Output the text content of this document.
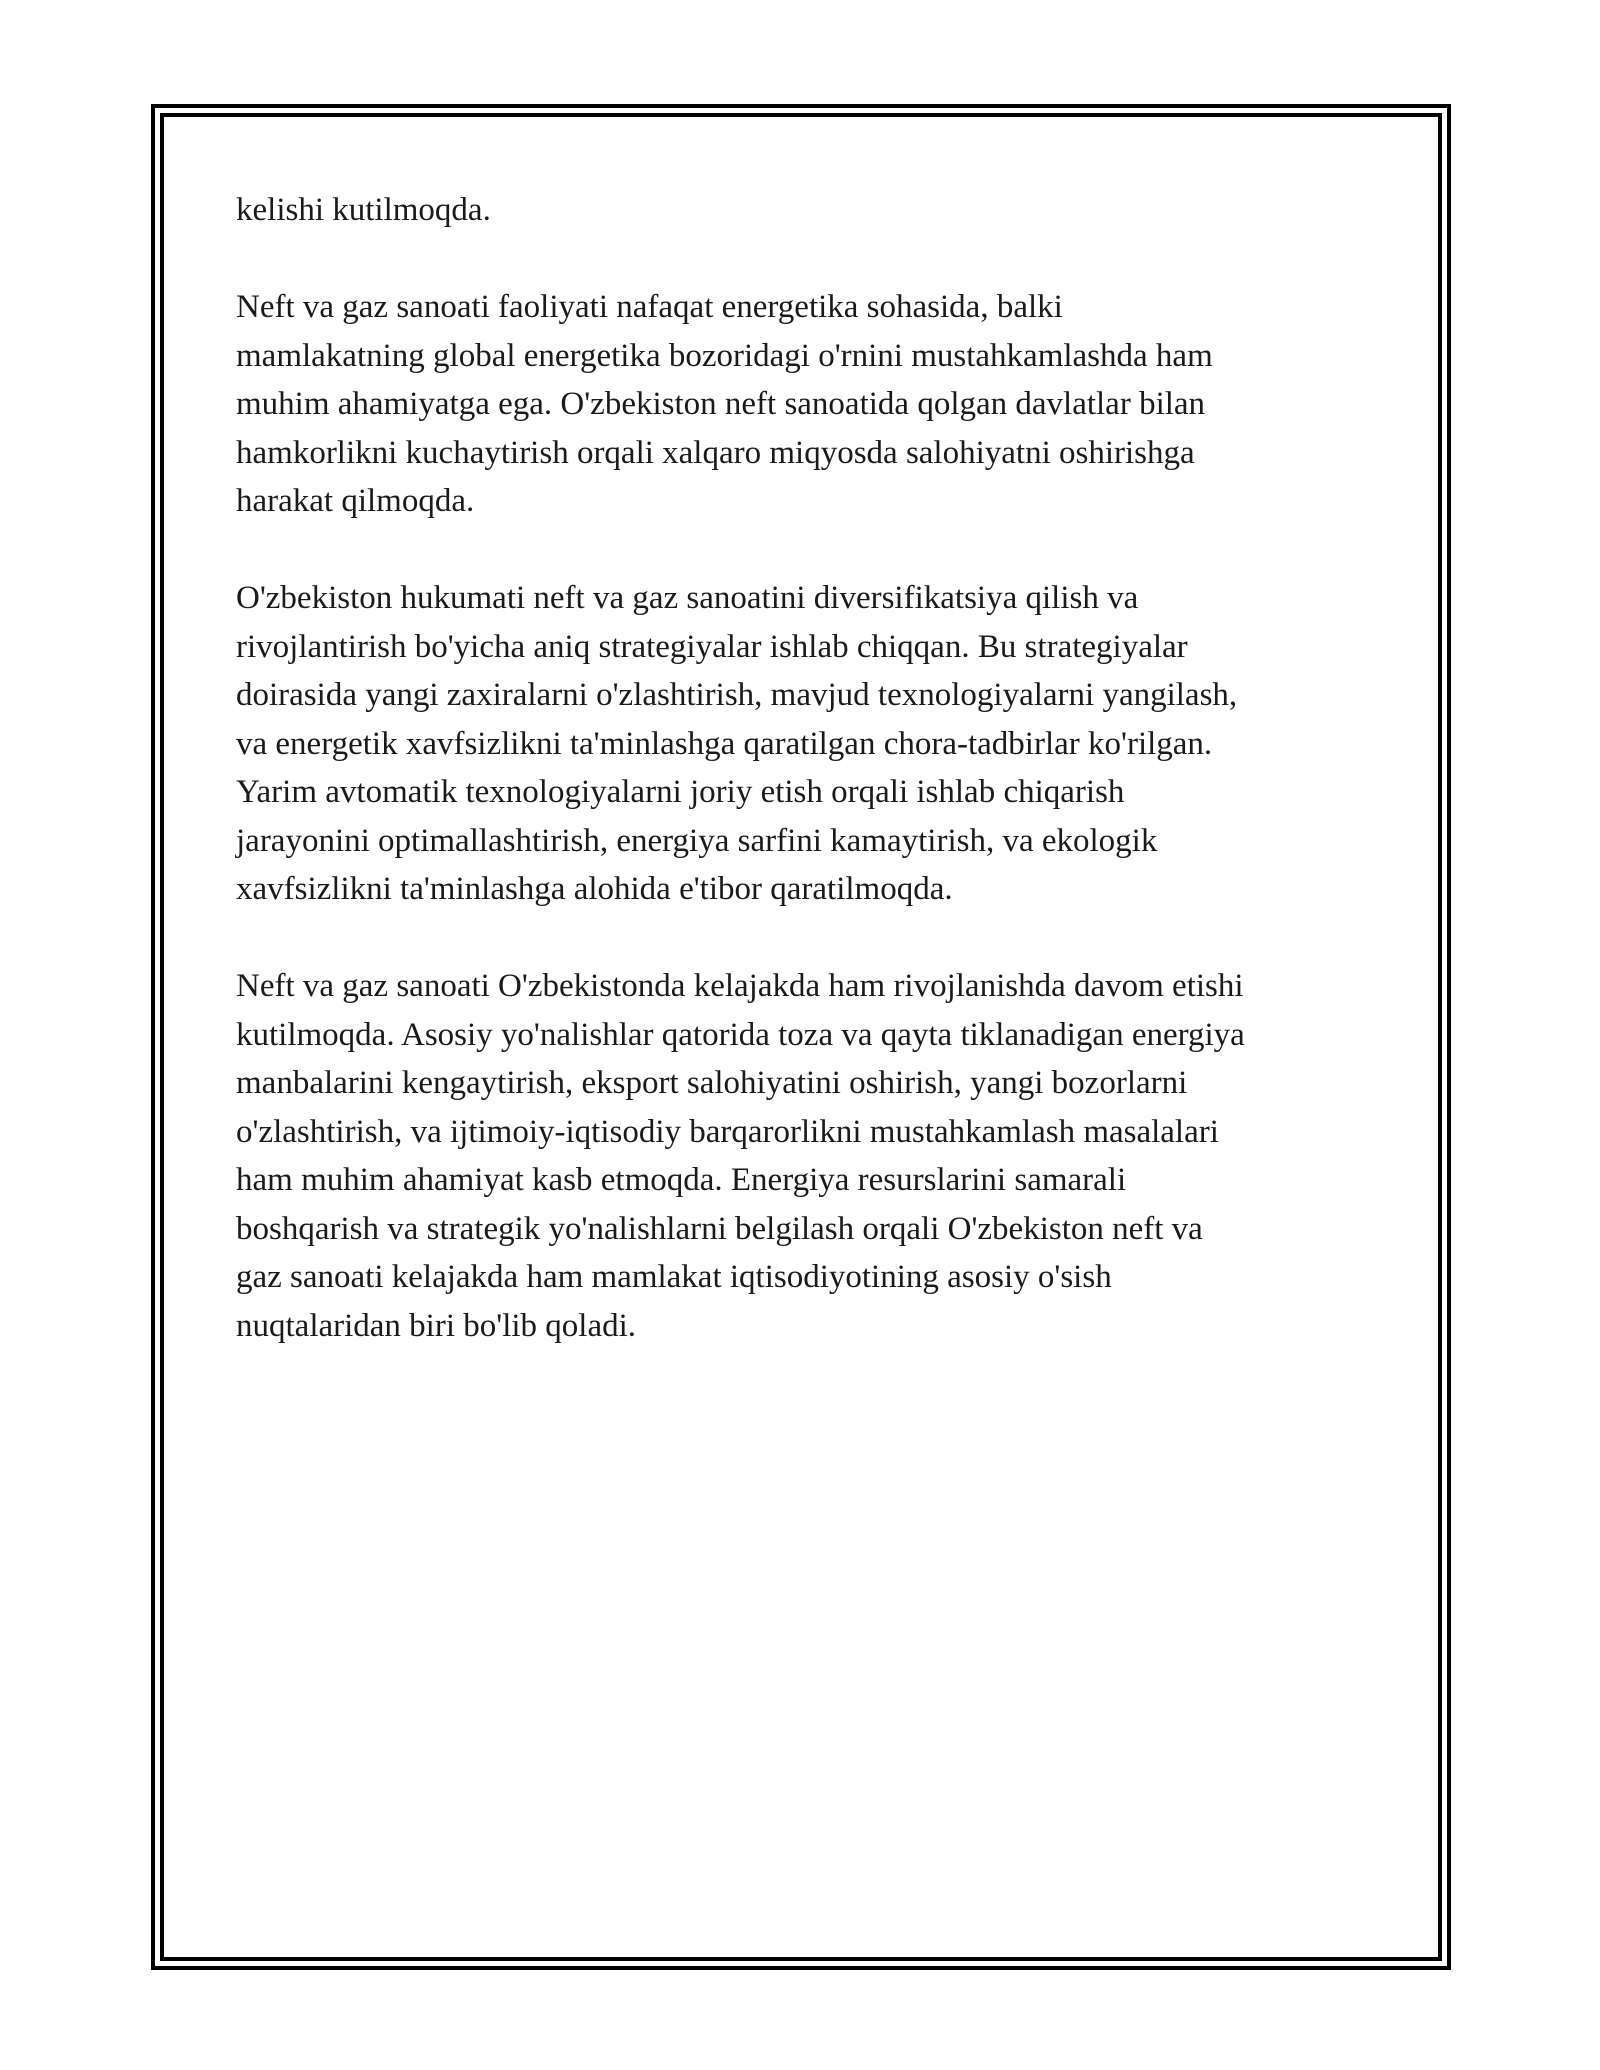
kelishi kutilmoqda.

Neft va gaz sanoati faoliyati nafaqat energetika sohasida, balki
mamlakatning global energetika bozoridagi o'rnini mustahkamlashda ham
muhim ahamiyatga ega. O'zbekiston neft sanoatida qolgan davlatlar bilan
hamkorlikni kuchaytirish orqali xalqaro miqyosda salohiyatni oshirishga
harakat qilmoqda.

O'zbekiston hukumati neft va gaz sanoatini diversifikatsiya qilish va
rivojlantirish bo'yicha aniq strategiyalar ishlab chiqqan. Bu strategiyalar
doirasida yangi zaxiralarni o'zlashtirish, mavjud texnologiyalarni yangilash,
va energetik xavfsizlikni ta'minlashga qaratilgan chora-tadbirlar ko'rilgan.
Yarim avtomatik texnologiyalarni joriy etish orqali ishlab chiqarish
jarayonini optimallashtirish, energiya sarfini kamaytirish, va ekologik
xavfsizlikni ta'minlashga alohida e'tibor qaratilmoqda.

Neft va gaz sanoati O'zbekistonda kelajakda ham rivojlanishda davom etishi
kutilmoqda. Asosiy yo'nalishlar qatorida toza va qayta tiklanadigan energiya
manbalarini kengaytirish, eksport salohiyatini oshirish, yangi bozorlarni
o'zlashtirish, va ijtimoiy-iqtisodiy barqarorlikni mustahkamlash masalalari
ham muhim ahamiyat kasb etmoqda. Energiya resurslarini samarali
boshqarish va strategik yo'nalishlarni belgilash orqali O'zbekiston neft va
gaz sanoati kelajakda ham mamlakat iqtisodiyotining asosiy o'sish
nuqtalaridan biri bo'lib qoladi.
